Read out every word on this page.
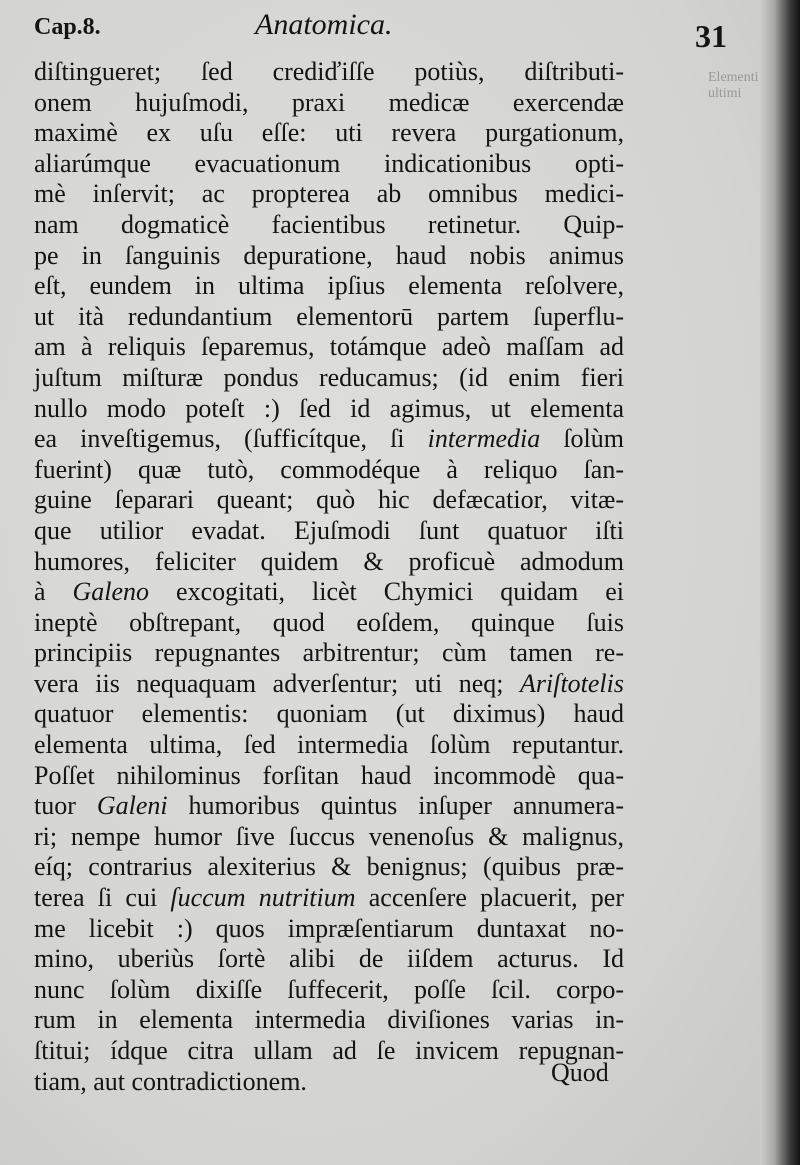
Cap.8.	Anatomica.	31
Elementi
ultimi
diſtingueret; ſed crediďiſſe potiùs, diſtributi-
onem hujuſmodi, praxi medicæ exercendæ
maximè ex uſu eſſe: uti revera purgationum,
aliarúmque evacuationum indicationibus opti-
mè inſervit; ac propterea ab omnibus medici-
nam dogmaticè facientibus retinetur. Quip-
pe in ſanguinis depuratione, haud nobis animus
eſt, eundem in ultima ipſius elementa reſolvere,
ut ità redundantium elementorū partem ſuperflu-
am à reliquis ſeparemus, totámque adeò maſſam ad
juſtum miſturæ pondus reducamus; (id enim fieri
nullo modo poteſt :) ſed id agimus, ut elementa
ea inveſtigemus, (ſufficítque, ſi intermedia ſolùm
fuerint) quæ tutò, commodéque à reliquo ſan-
guine ſeparari queant; quò hic defæcatior, vitæ-
que utilior evadat. Ejuſmodi ſunt quatuor iſti
humores, feliciter quidem & proficuè admodum
à Galeno excogitati, licèt Chymici quidam ei
ineptè obſtrepant, quod eoſdem, quinque ſuis
principiis repugnantes arbitrentur; cùm tamen re-
vera iis nequaquam adverſentur; uti neq; Ariſtotelis
quatuor elementis: quoniam (ut diximus) haud
elementa ultima, ſed intermedia ſolùm reputantur.
Poſſet nihilominus forſitan haud incommodè qua-
tuor Galeni humoribus quintus inſuper annumera-
ri; nempe humor ſive ſuccus venenoſus & malignus,
eíq; contrarius alexiterius & benignus; (quibus præ-
terea ſi cui ſuccum nutritium accenſere placuerit, per
me licebit :) quos impræſentiarum duntaxat no-
mino, uberiùs ſortè alibi de iiſdem acturus. Id
nunc ſolùm dixiſſe ſuffecerit, poſſe ſcil. corpo-
rum in elementa intermedia diviſiones varias in-
ſtitui; ídque citra ullam ad ſe invicem repugnan-
tiam, aut contradictionem.	Quod
